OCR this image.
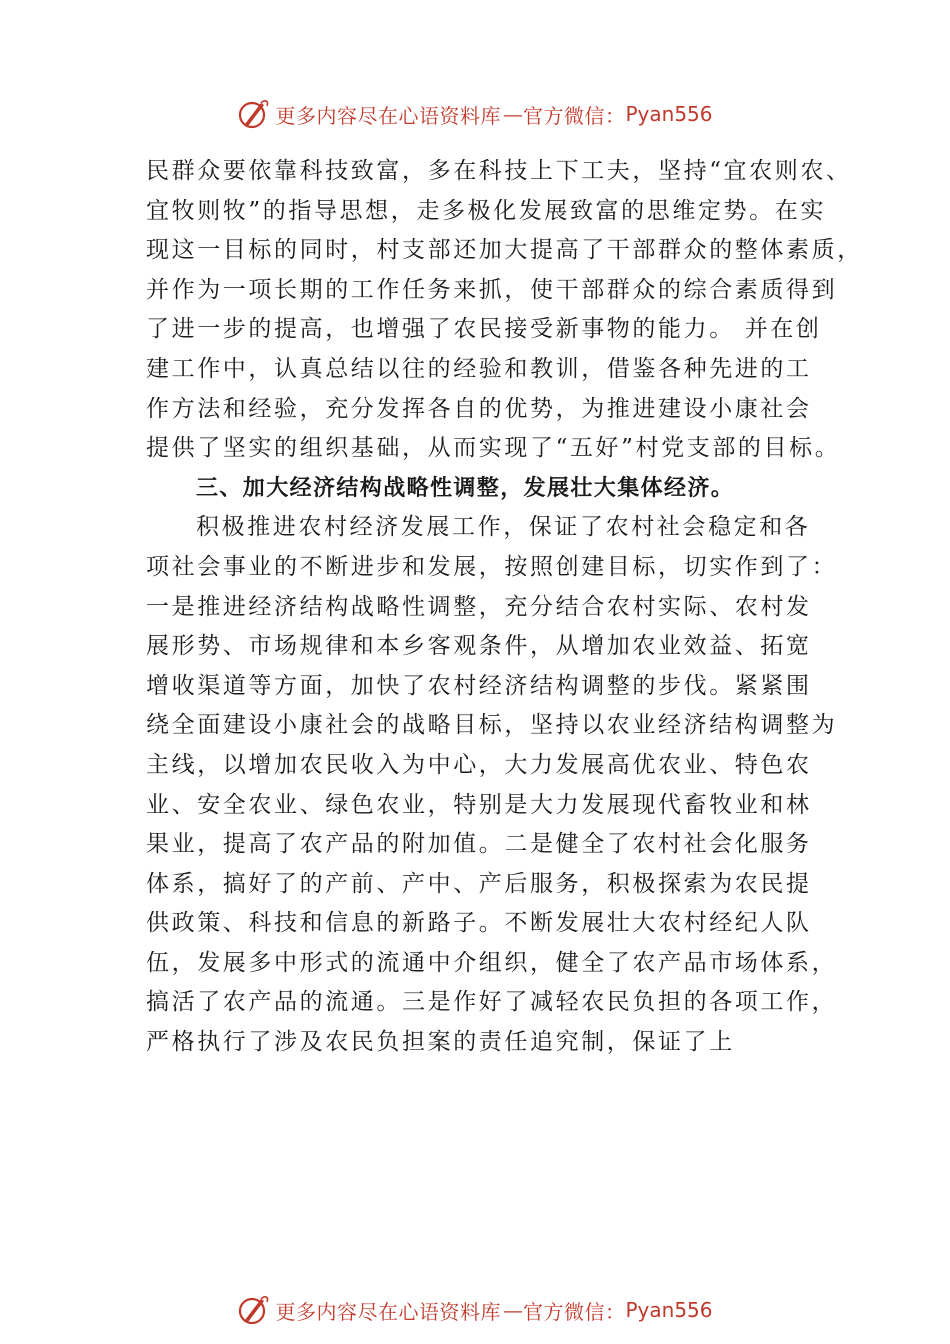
更多内容尽在心语资料库 — 官方微信： Pyan556
民群众要依靠科技致富，多在科技上下工夫，坚持“宜农则农、
宜牧则牧”的指导思想，走多极化发展致富的思维定势。在实
现这一目标的同时，村支部还加大提高了干部群众的整体素质，
并作为一项长期的工作任务来抓，使干部群众的综合素质得到
了进一步的提高，也增强了农民接受新事物的能力。 并在创
建工作中，认真总结以往的经验和教训，借鉴各种先进的工
作方法和经验，充分发挥各自的优势，为推进建设小康社会
提供了坚实的组织基础，从而实现了“五好”村党支部的目标。
三、加大经济结构战略性调整，发展壮大集体经济。
积极推进农村经济发展工作，保证了农村社会稳定和各
项社会事业的不断进步和发展，按照创建目标，切实作到了：
一是推进经济结构战略性调整，充分结合农村实际、农村发
展形势、市场规律和本乡客观条件，从增加农业效益、拓宽
增收渠道等方面，加快了农村经济结构调整的步伐。紧紧围
绕全面建设小康社会的战略目标，坚持以农业经济结构调整为
主线，以增加农民收入为中心，大力发展高优农业、特色农
业、安全农业、绿色农业，特别是大力发展现代畜牧业和林
果业，提高了农产品的附加值。二是健全了农村社会化服务
体系，搞好了的产前、产中、产后服务，积极探索为农民提
供政策、科技和信息的新路子。不断发展壮大农村经纪人队
伍，发展多中形式的流通中介组织，健全了农产品市场体系，
搞活了农产品的流通。三是作好了减轻农民负担的各项工作，
严格执行了涉及农民负担案的责任追究制，保证了上
更多内容尽在心语资料库 — 官方微信： Pyan556
